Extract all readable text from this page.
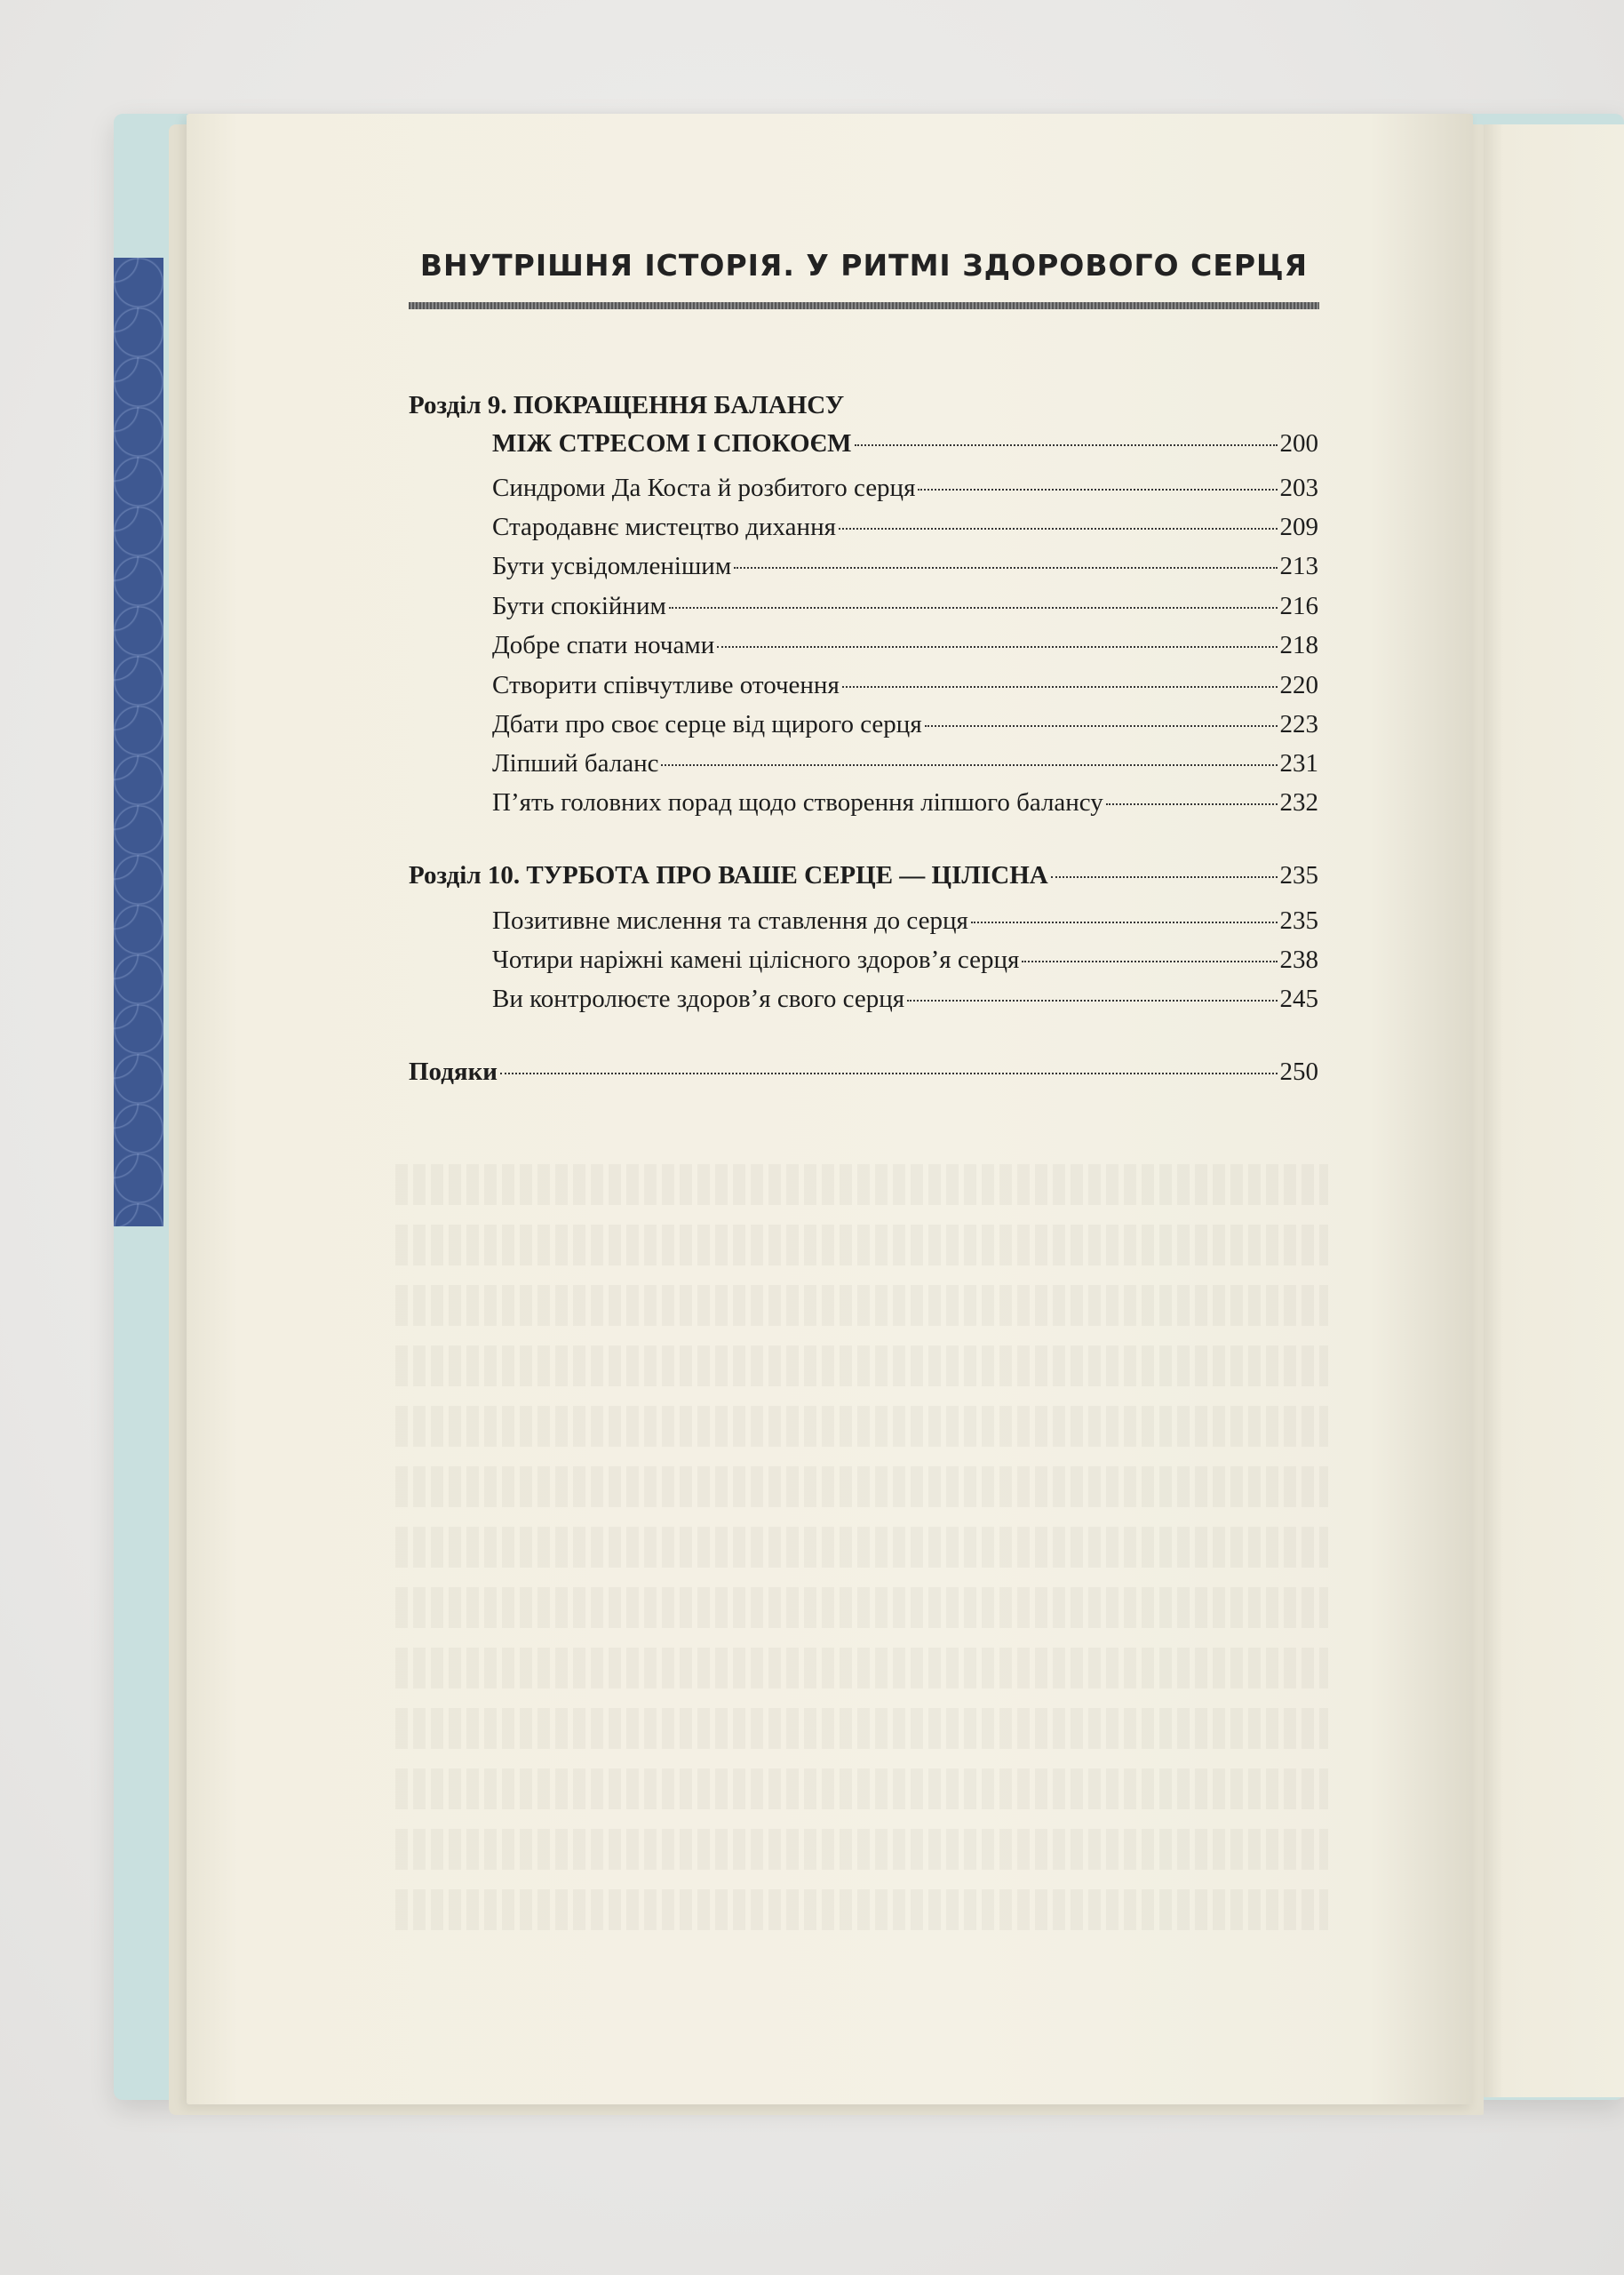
ВНУТРІШНЯ ІСТОРІЯ. У РИТМІ ЗДОРОВОГО СЕРЦЯ
Розділ 9. ПОКРАЩЕННЯ БАЛАНСУ
МІЖ СТРЕСОМ І СПОКОЄМ	200
Синдроми Да Коста й розбитого серця	203
Стародавнє мистецтво дихання	209
Бути усвідомленішим	213
Бути спокійним	216
Добре спати ночами	218
Створити співчутливе оточення	220
Дбати про своє серце від щирого серця	223
Ліпший баланс	231
П’ять головних порад щодо створення ліпшого балансу	232
Розділ 10. ТУРБОТА ПРО ВАШЕ СЕРЦЕ — ЦІЛІСНА	235
Позитивне мислення та ставлення до серця	235
Чотири наріжні камені цілісного здоров’я серця	238
Ви контролюєте здоров’я свого серця	245
Подяки	250
